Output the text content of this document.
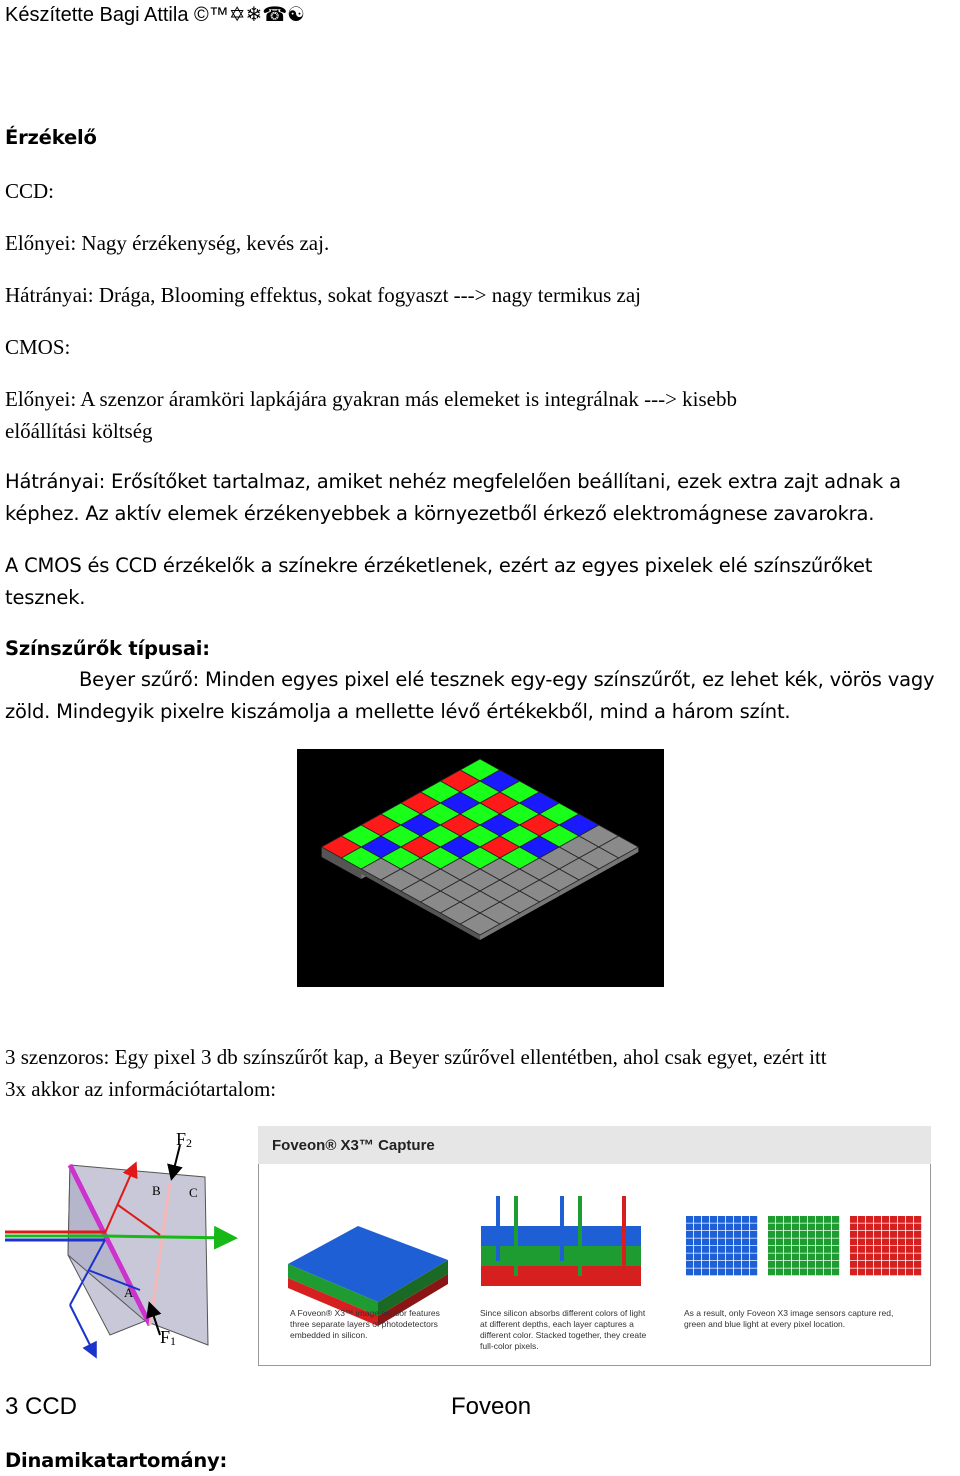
Készítette Bagi Attila ©™✡❄☎☯
Érzékelő
CCD:
Előnyei: Nagy érzékenység, kevés zaj.
Hátrányai: Drága, Blooming effektus, sokat fogyaszt ---> nagy termikus zaj
CMOS:
Előnyei: A szenzor áramköri lapkájára gyakran más elemeket is integrálnak ---> kisebb
előállítási költség
Hátrányai: Erősítőket tartalmaz, amiket nehéz megfelelően beállítani, ezek extra zajt adnak a
képhez. Az aktív elemek érzékenyebbek a környezetből érkező elektromágnese zavarokra.
A CMOS és CCD érzékelők a színekre érzéketlenek, ezért az egyes pixelek elé színszűrőket
tesznek.
Színszűrők típusai:
Beyer szűrő: Minden egyes pixel elé tesznek egy-egy színszűrőt, ez lehet kék, vörös vagy
zöld. Mindegyik pixelre kiszámolja a mellette lévő értékekből, mind a három színt.
3 szenzoros: Egy pixel 3 db színszűrőt kap, a Beyer szűrővel ellentétben, ahol csak egyet, ezért itt
3x akkor az információtartalom:
F2
B C
A
F1
Foveon® X3™ Capture
A Foveon® X3™ image sensor features three separate layers of photodetectors embedded in silicon.
Since silicon absorbs different colors of light at different depths, each layer captures a different color. Stacked together, they create full-color pixels.
As a result, only Foveon X3 image sensors capture red, green and blue light at every pixel location.
3 CCD	Foveon
Dinamikatartomány:
